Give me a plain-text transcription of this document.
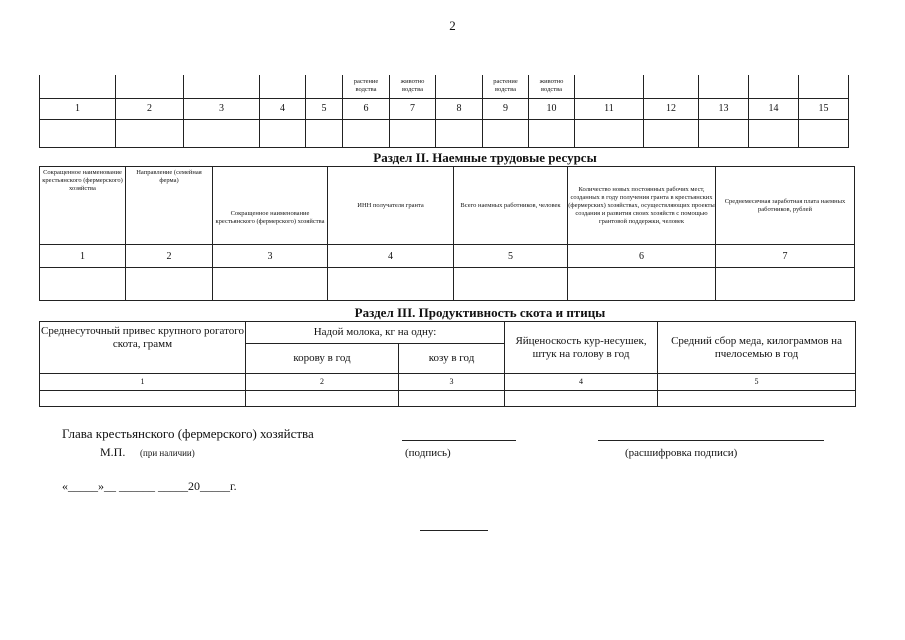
2
					растение водства	животно водства		растение водства	животно водства					
1	2	3	4	5	6	7	8	9	10	11	12	13	14	15

Раздел II. Наемные трудовые ресурсы
Сокращенное наименование крестьянского (фермерского) хозяйства	Направление (семейная ферма)	Сокращенное наименование крестьянского (фермерского) хозяйства	ИНН получателя гранта	Всего наемных работников, человек	Количество новых постоянных рабочих мест, созданных в году получения гранта в крестьянских (фермерских) хозяйствах, осуществляющих проекты создания и развития своих хозяйств с помощью грантовой поддержки, человек	Среднемесячная заработная плата наемных работников, рублей
1	2	3	4	5	6	7

Раздел III. Продуктивность скота и птицы
Среднесуточный привес крупного рогатого скота, грамм	Надой молока, кг на одну:		Яйценоскость кур-несушек, штук на голову в год	Средний сбор меда, килограммов на пчелосемью в год
	корову в год	козу в год		
1	2	3	4	5

Глава крестьянского (фермерского) хозяйства
М.П. (при наличии)	(подпись)	(расшифровка подписи)
«_____»__ ______ _____20_____г.
